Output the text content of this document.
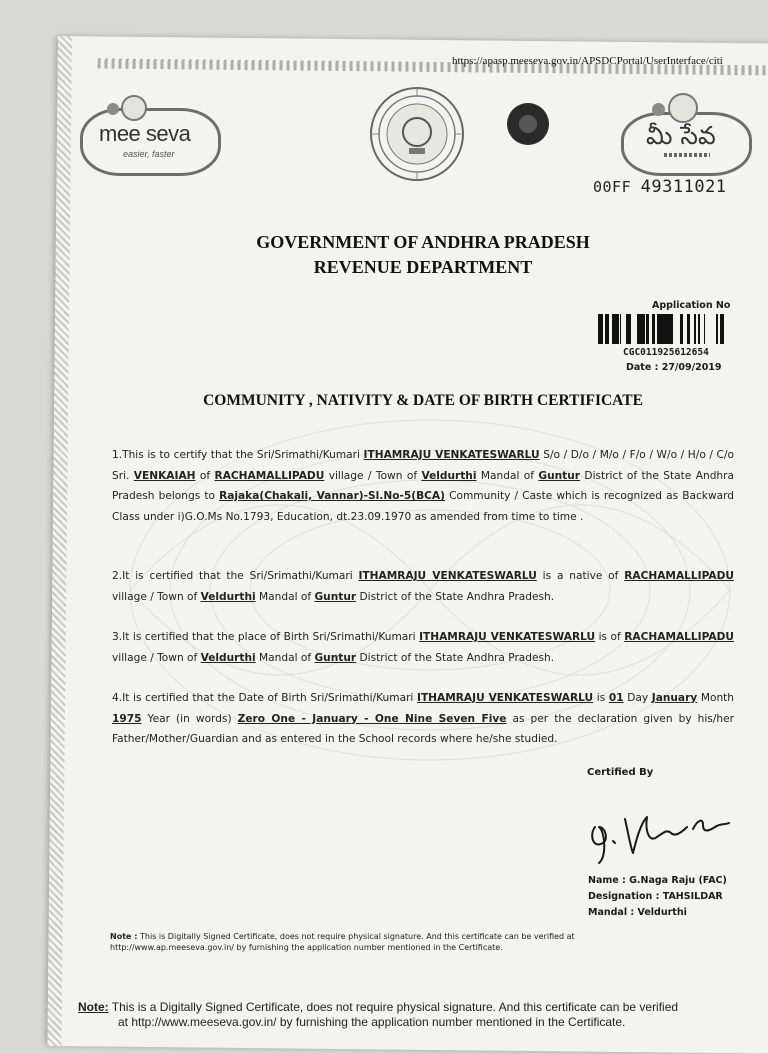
https://apasp.meeseva.gov.in/APSDCPortal/UserInterface/citi
mee seva
easier, faster
మీ సేవ
00FF 49311021
GOVERNMENT OF ANDHRA PRADESH
REVENUE DEPARTMENT
Application No
CGC011925612654
Date : 27/09/2019
COMMUNITY , NATIVITY & DATE OF BIRTH CERTIFICATE
1.This is to certify that the Sri/Srimathi/Kumari ITHAMRAJU VENKATESWARLU S/o / D/o / M/o / F/o / W/o / H/o / C/o Sri. VENKAIAH of RACHAMALLIPADU village / Town of Veldurthi Mandal of Guntur District of the State Andhra Pradesh belongs to Rajaka(Chakali, Vannar)-Sl.No-5(BCA) Community / Caste which is recognized as Backward Class under i)G.O.Ms No.1793, Education, dt.23.09.1970 as amended from time to time .
2.It is certified that the Sri/Srimathi/Kumari ITHAMRAJU VENKATESWARLU is a native of RACHAMALLIPADU village / Town of Veldurthi Mandal of Guntur District of the State Andhra Pradesh.
3.It is certified that the place of Birth Sri/Srimathi/Kumari ITHAMRAJU VENKATESWARLU is of RACHAMALLIPADU village / Town of Veldurthi Mandal of Guntur District of the State Andhra Pradesh.
4.It is certified that the Date of Birth Sri/Srimathi/Kumari ITHAMRAJU VENKATESWARLU is 01 Day January Month 1975 Year (in words) Zero One - January - One Nine Seven Five as per the declaration given by his/her Father/Mother/Guardian and as entered in the School records where he/she studied.
Certified By
Name : G.Naga Raju (FAC)
Designation : TAHSILDAR
Mandal : Veldurthi
Note : This is Digitally Signed Certificate, does not require physical signature. And this certificate can be verified at http://www.ap.meeseva.gov.in/ by furnishing the application number mentioned in the Certificate.
Note: This is a Digitally Signed Certificate, does not require physical signature. And this certificate can be verified
at http://www.meeseva.gov.in/ by furnishing the application number mentioned in the Certificate.
